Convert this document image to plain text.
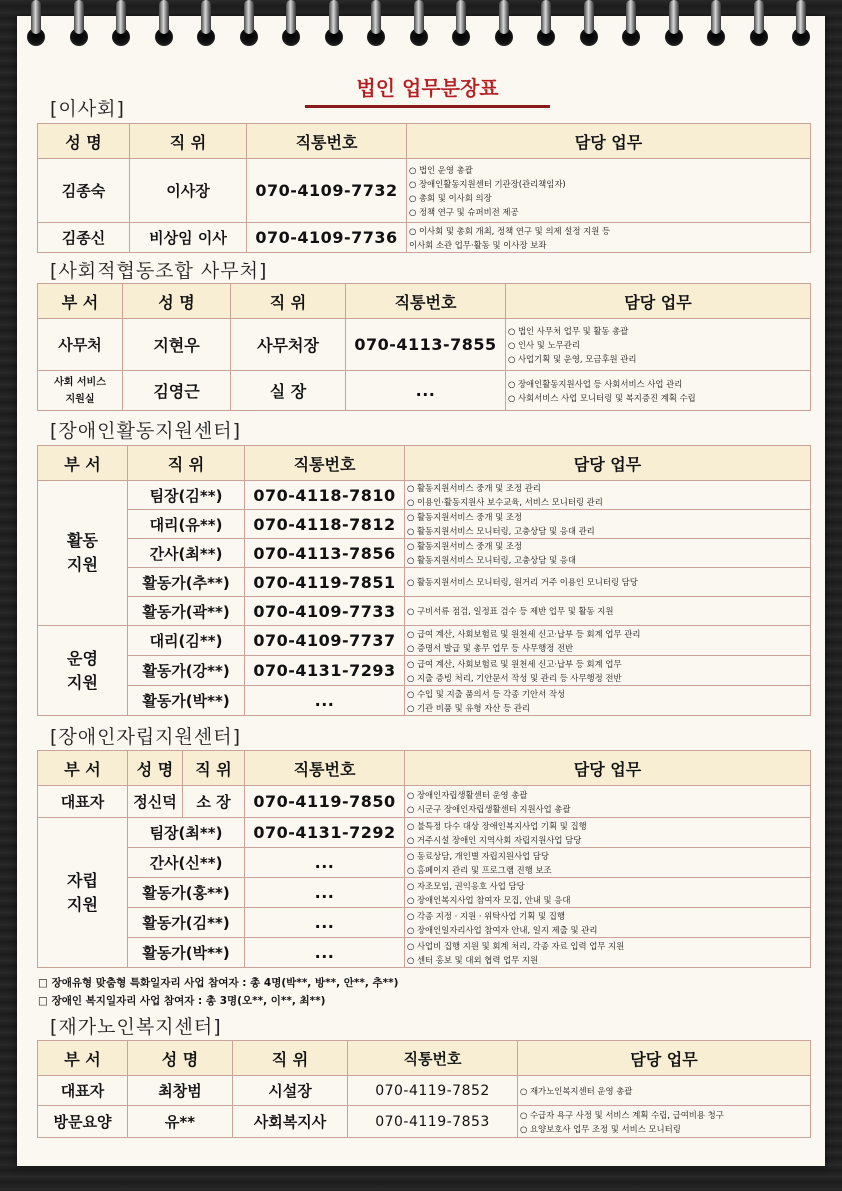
법인 업무분장표
[이사회]
성 명	직 위	직통번호	담당 업무
김종숙	이사장	070-4109-7732	○ 법인 운영 총괄
○ 장애인활동지원센터 기관장(관리책임자)
○ 총회 및 이사회 의장
○ 정책 연구 및 슈퍼비전 제공

김종신	비상임 이사	070-4109-7736	○ 이사회 및 총회 개최, 정책 연구 및 의제 설정 지원 등
이사회 소관 업무·활동 및 이사장 보좌
[사회적협동조합 사무처]
부 서	성 명	직 위	직통번호	담당 업무
사무처	지현우	사무처장	070-4113-7855	○ 법인 사무처 업무 및 활동 총괄
○ 인사 및 노무관리
○ 사업기획 및 운영, 모금후원 관리

사회 서비스 지원실	김영근	실 장	...	○ 장애인활동지원사업 등 사회서비스 사업 관리
○ 사회서비스 사업 모니터링 및 복지증진 계획 수립
[장애인활동지원센터]
부 서	직 위	직통번호	담당 업무
활동 지원	팀장(김**)	070-4118-7810	○ 활동지원서비스 중개 및 조정 관리
○ 이용인·활동지원사 보수교육, 서비스 모니터링 관리

	대리(유**)	070-4118-7812	○ 활동지원서비스 중개 및 조정
○ 활동지원서비스 모니터링, 고충상담 및 응대 관리

	간사(최**)	070-4113-7856	○ 활동지원서비스 중개 및 조정
○ 활동지원서비스 모니터링, 고충상담 및 응대

	활동가(추**)	070-4119-7851	○ 활동지원서비스 모니터링, 원거리 거주 이용인 모니터링 담당

	활동가(곽**)	070-4109-7733	○ 구비서류 점검, 일정표 검수 등 제반 업무 및 활동 지원

운영 지원	대리(김**)	070-4109-7737	○ 급여 계산, 사회보험료 및 원천세 신고·납부 등 회계 업무 관리
○ 증명서 발급 및 총무 업무 등 사무행정 전반

	활동가(강**)	070-4131-7293	○ 급여 계산, 사회보험료 및 원천세 신고·납부 등 회계 업무
○ 지출 증빙 처리, 기안문서 작성 및 관리 등 사무행정 전반

	활동가(박**)	...	○ 수입 및 지출 품의서 등 각종 기안서 작성
○ 기관 비품 및 유형 자산 등 관리
[장애인자립지원센터]
부 서	성 명	직 위	직통번호	담당 업무
대표자	정신덕	소 장	070-4119-7850	○ 장애인자립생활센터 운영 총괄
○ 시군구 장애인자립생활센터 지원사업 총괄

자립 지원	팀장(최**)		070-4131-7292	○ 불특정 다수 대상 장애인복지사업 기획 및 집행
○ 거주시설 장애인 지역사회 자립지원사업 담당

	간사(신**)		...	○ 동료상담, 개인별 자립지원사업 담당
○ 홈페이지 관리 및 프로그램 진행 보조

	활동가(홍**)		...	○ 자조모임, 권익옹호 사업 담당
○ 장애인복지사업 참여자 모집, 안내 및 응대

	활동가(김**)		...	○ 각종 지정 · 지원 · 위탁사업 기획 및 집행
○ 장애인일자리사업 참여자 안내, 일지 제출 및 관리

	활동가(박**)		...	○ 사업비 집행 지원 및 회계 처리, 각종 자료 입력 업무 지원
○ 센터 홍보 및 대외 협력 업무 지원
□ 장애유형 맞춤형 특화일자리 사업 참여자 : 총 4명(박**, 방**, 안**, 추**)
□ 장애인 복지일자리 사업 참여자 : 총 3명(오**, 이**, 최**)
[재가노인복지센터]
부 서	성 명	직 위	직통번호	담당 업무
대표자	최창범	시설장	070-4119-7852	○ 재가노인복지센터 운영 총괄

방문요양	유**	사회복지사	070-4119-7853	○ 수급자 욕구 사정 및 서비스 계획 수립, 급여비용 청구
○ 요양보호사 업무 조정 및 서비스 모니터링
